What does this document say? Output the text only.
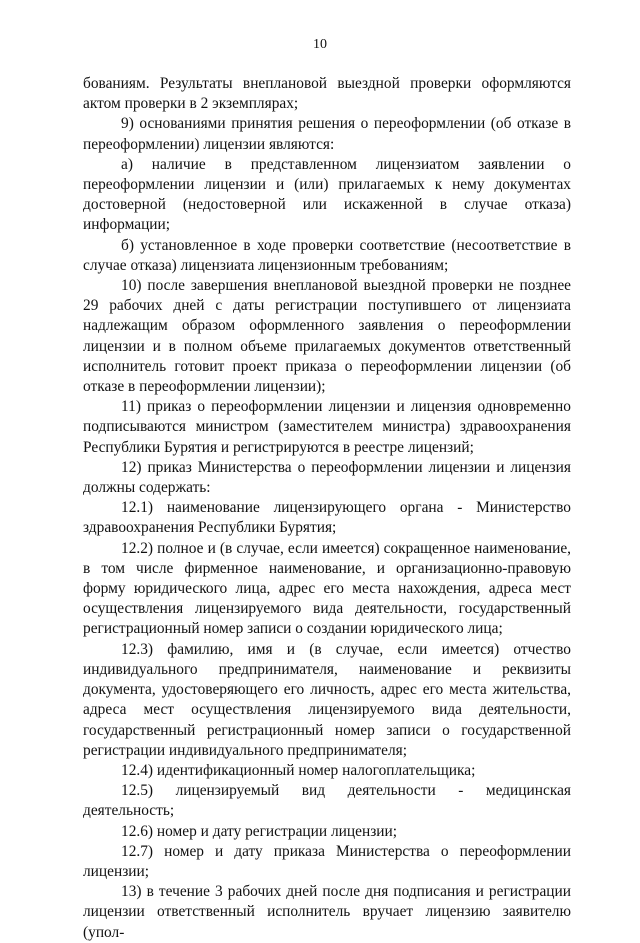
10

бованиям. Результаты внеплановой выездной проверки оформляются актом проверки в 2 экземплярах;

9) основаниями принятия решения о переоформлении (об отказе в переоформлении) лицензии являются:

а) наличие в представленном лицензиатом заявлении о переоформлении лицензии и (или) прилагаемых к нему документах достоверной (недостоверной или искаженной в случае отказа) информации;

б) установленное в ходе проверки соответствие (несоответствие в случае отказа) лицензиата лицензионным требованиям;

10) после завершения внеплановой выездной проверки не позднее 29 рабочих дней с даты регистрации поступившего от лицензиата надлежащим образом оформленного заявления о переоформлении лицензии и в полном объеме прилагаемых документов ответственный исполнитель готовит проект приказа о переоформлении лицензии (об отказе в переоформлении лицензии);

11) приказ о переоформлении лицензии и лицензия одновременно подписываются министром (заместителем министра) здравоохранения Республики Бурятия и регистрируются в реестре лицензий;

12) приказ Министерства о переоформлении лицензии и лицензия должны содержать:

12.1) наименование лицензирующего органа - Министерство здравоохранения Республики Бурятия;

12.2) полное и (в случае, если имеется) сокращенное наименование, в том числе фирменное наименование, и организационно-правовую форму юридического лица, адрес его места нахождения, адреса мест осуществления лицензируемого вида деятельности, государственный регистрационный номер записи о создании юридического лица;

12.3) фамилию, имя и (в случае, если имеется) отчество индивидуального предпринимателя, наименование и реквизиты документа, удостоверяющего его личность, адрес его места жительства, адреса мест осуществления лицензируемого вида деятельности, государственный регистрационный номер записи о государственной регистрации индивидуального предпринимателя;

12.4) идентификационный номер налогоплательщика;

12.5) лицензируемый вид деятельности - медицинская деятельность;

12.6) номер и дату регистрации лицензии;

12.7) номер и дату приказа Министерства о переоформлении лицензии;

13) в течение 3 рабочих дней после дня подписания и регистрации лицензии ответственный исполнитель вручает лицензию заявителю (упол-
